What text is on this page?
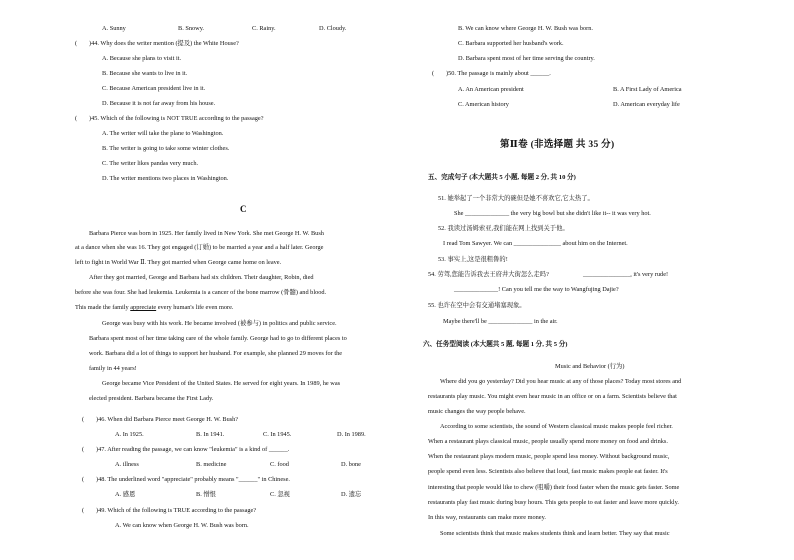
A. Sunny	B. Snowy.	C. Rainy.	D. Cloudy.
( )44. Why does the writer mention (提及) the White House?
A. Because she plans to visit it.
B. Because she wants to live in it.
C. Because American president live in it.
D. Because it is not far away from his house.
( )45. Which of the following is NOT TRUE according to the passage?
A. The writer will take the plane to Washington.
B. The writer is going to take some winter clothes.
C. The writer likes pandas very much.
D. The writer mentions two places in Washington.
C
Barbara Pierce was born in 1925. Her family lived in New York. She met George H. W. Bush
at a dance when she was 16. They got engaged (订婚) to be married a year and a half later. George
left to fight in World War Ⅱ. They got married when George came home on leave.
After they got married, George and Barbara had six children. Their daughter, Robin, died
before she was four. She had leukemia. Leukemia is a cancer of the bone marrow (骨髓) and blood.
This made the family appreciate every human's life even more.
George was busy with his work. He became involved (被参与) in politics and public service.
Barbara spent most of her time taking care of the whole family. George had to go to different places to
work. Barbara did a lot of things to support her husband. For example, she planned 29 moves for the
family in 44 years!
George became Vice President of the United States. He served for eight years. In 1989, he was
elected president. Barbara became the First Lady.
( )46. When did Barbara Pierce meet George H. W. Bush?
A. In 1925.	B. In 1941.	C. In 1945.	D. In 1989.
( )47. After reading the passage, we can know "leukemia" is a kind of ______.
A. illness	B. medicine	C. food	D. bone
( )48. The underlined word "appreciate" probably means "______" in Chinese.
A. 感恩	B. 憎恨	C. 忽视	D. 遗忘
( )49. Which of the following is TRUE according to the passage?
A. We can know when George H. W. Bush was born.
B. We can know where George H. W. Bush was born.
C. Barbara supported her husband's work.
D. Barbara spent most of her time serving the country.
( )50. The passage is mainly about ______.
A. An American president	B. A First Lady of America
C. American history	D. American everyday life
第Ⅱ卷 (非选择题 共 35 分)
五、完成句子 (本大题共 5 小题, 每题 2 分, 共 10 分)
51. 她举起了一个非常大的碗但是她不喜欢它,它太热了。
She ______________ the very big bowl but she didn't like it-- it was very hot.
52. 我读过汤姆索亚,我们能在网上找到关于他。
I read Tom Sawyer. We can _______________ about him on the Internet.
53. 事实上,这是很粗鲁的!
_______________, it's very rude!
54. 劳驾,您能告诉我去王府井大街怎么走吗?
______________! Can you tell me the way to Wangfujing Dajie?
55. 也许在空中会有交通堵塞现象。
Maybe there'll be ______________ in the air.
六、任务型阅读 (本大题共 5 题, 每题 1 分, 共 5 分)
Music and Behavior (行为)
Where did you go yesterday? Did you hear music at any of those places? Today most stores and
restaurants play music. You might even hear music in an office or on a farm. Scientists believe that
music changes the way people behave.
According to some scientists, the sound of Western classical music makes people feel richer.
When a restaurant plays classical music, people usually spend more money on food and drinks.
When the restaurant plays modern music, people spend less money. Without background music,
people spend even less. Scientists also believe that loud, fast music makes people eat faster. It's
interesting that people would like to chew (咀嚼) their food faster when the music gets faster. Some
restaurants play fast music during busy hours. This gets people to eat faster and leave more quickly.
In this way, restaurants can make more money.
Some scientists think that music makes students think and learn better. They say that music
